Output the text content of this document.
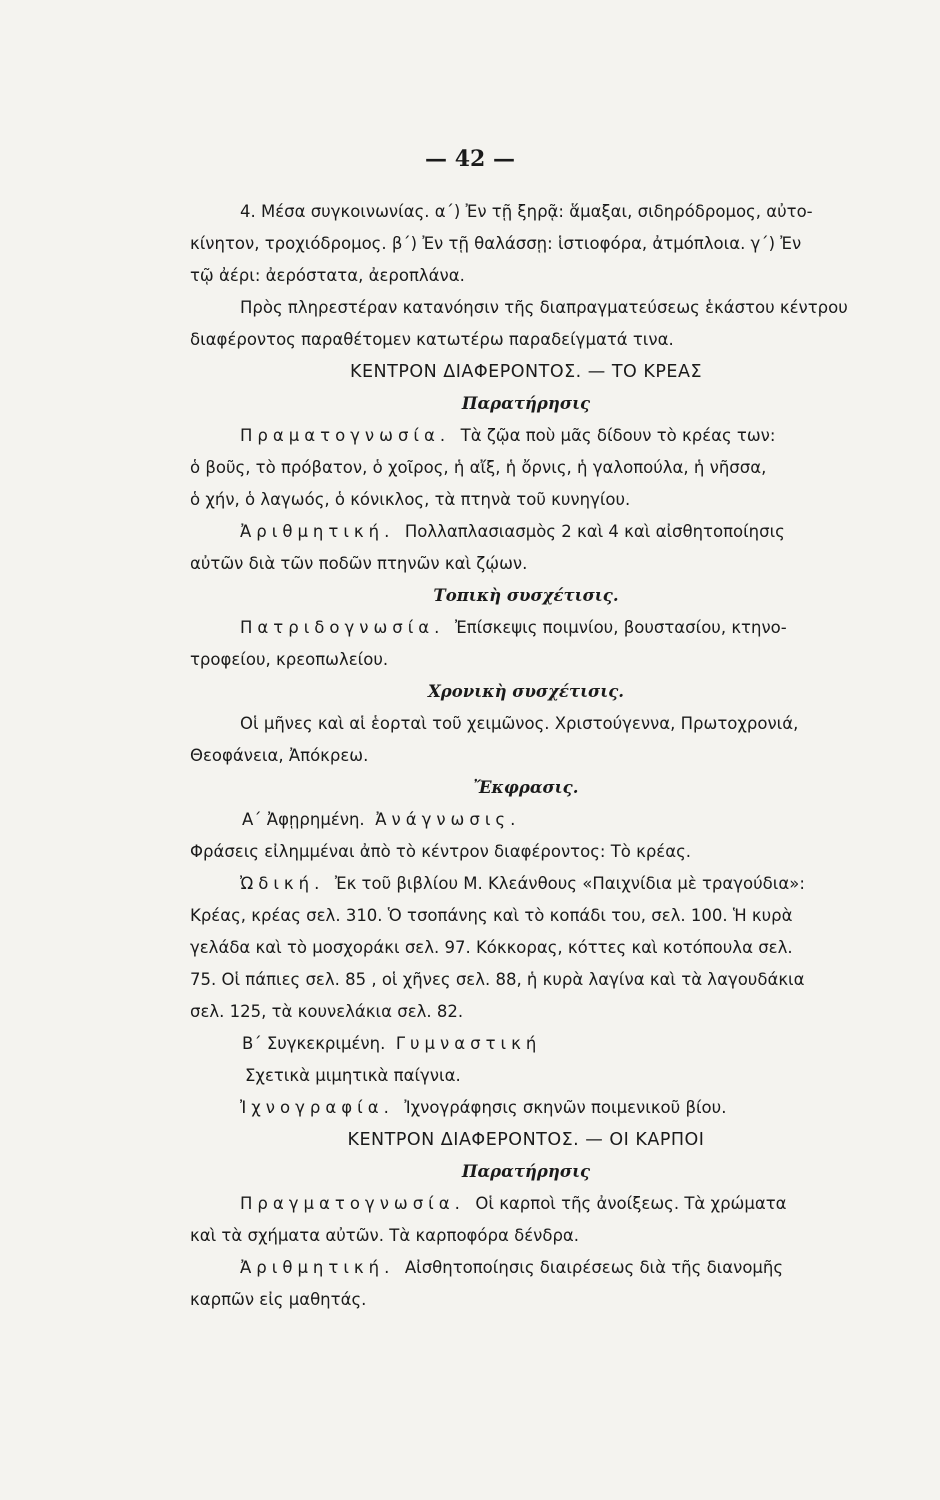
— 42 —
4. Μέσα συγκοινωνίας. α΄) Ἐν τῇ ξηρᾷ: ἅμαξαι, σιδηρόδρομος, αὐτο-
κίνητον, τροχιόδρομος. β΄) Ἐν τῇ θαλάσσῃ: ἱστιοφόρα, ἀτμόπλοια. γ΄) Ἐν
τῷ ἀέρι: ἀερόστατα, ἀεροπλάνα.
Πρὸς πληρεστέραν κατανόησιν τῆς διαπραγματεύσεως ἑκάστου κέντρου
διαφέροντος παραθέτομεν κατωτέρω παραδείγματά τινα.
ΚΕΝΤΡΟΝ ΔΙΑΦΕΡΟΝΤΟΣ. — ΤΟ ΚΡΕΑΣ
Παρατήρησις
Πραματογνωσία. Τὰ ζῷα ποὺ μᾶς δίδουν τὸ κρέας των:
ὁ βοῦς, τὸ πρόβατον, ὁ χοῖρος, ἡ αἴξ, ἡ ὄρνις, ἡ γαλοπούλα, ἡ νῆσσα,
ὁ χήν, ὁ λαγωός, ὁ κόνικλος, τὰ πτηνὰ τοῦ κυνηγίου.
Ἀριθμητική. Πολλαπλασιασμὸς 2 καὶ 4 καὶ αἰσθητοποίησις
αὐτῶν διὰ τῶν ποδῶν πτηνῶν καὶ ζῴων.
Τοπικὴ συσχέτισις.
Πατριδογνωσία. Ἐπίσκεψις ποιμνίου, βουστασίου, κτηνο-
τροφείου, κρεοπωλείου.
Χρονικὴ συσχέτισις.
Οἱ μῆνες καὶ αἱ ἑορταὶ τοῦ χειμῶνος. Χριστούγεννα, Πρωτοχρονιά,
Θεοφάνεια, Ἀπόκρεω.
Ἔκφρασις.
Α΄ Ἀφῃρημένη. Ἀνάγνωσις.
Φράσεις εἰλημμέναι ἀπὸ τὸ κέντρον διαφέροντος: Τὸ κρέας.
Ὠδική. Ἐκ τοῦ βιβλίου Μ. Κλεάνθους «Παιχνίδια μὲ τραγούδια»:
Κρέας, κρέας σελ. 310. Ὁ τσοπάνης καὶ τὸ κοπάδι του, σελ. 100. Ἡ κυρὰ
γελάδα καὶ τὸ μοσχοράκι σελ. 97. Κόκκορας, κόττες καὶ κοτόπουλα σελ.
75. Οἱ πάπιες σελ. 85 , οἱ χῆνες σελ. 88, ἡ κυρὰ λαγίνα καὶ τὰ λαγουδάκια
σελ. 125, τὰ κουνελάκια σελ. 82.
Β΄ Συγκεκριμένη. Γυμναστική
Σχετικὰ μιμητικὰ παίγνια.
Ἰχνογραφία. Ἰχνογράφησις σκηνῶν ποιμενικοῦ βίου.
ΚΕΝΤΡΟΝ ΔΙΑΦΕΡΟΝΤΟΣ. — ΟΙ ΚΑΡΠΟΙ
Παρατήρησις
Πραγματογνωσία. Οἱ καρποὶ τῆς ἀνοίξεως. Τὰ χρώματα
καὶ τὰ σχήματα αὐτῶν. Τὰ καρποφόρα δένδρα.
Ἀριθμητική. Αἰσθητοποίησις διαιρέσεως διὰ τῆς διανομῆς
καρπῶν εἰς μαθητάς.
